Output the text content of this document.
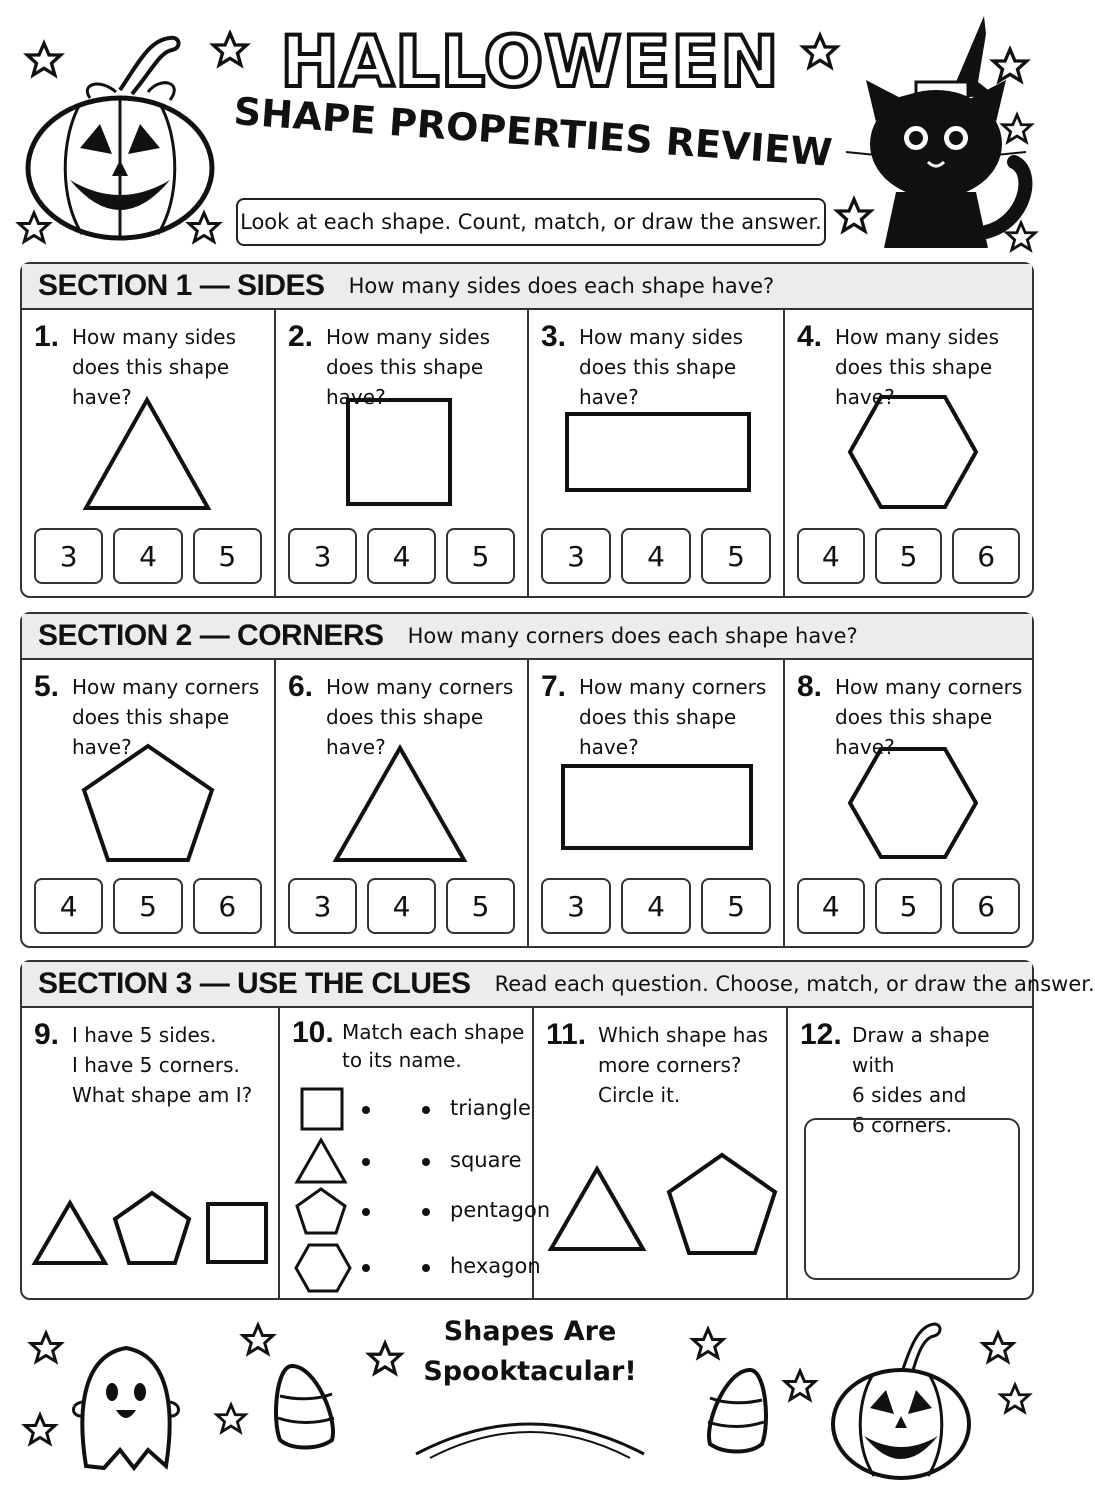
HALLOWEEN
SHAPE PROPERTIES REVIEW
Look at each shape. Count, match, or draw the answer.
SECTION 1 — SIDES How many sides does each shape have?
1. How many sides
does this shape have?
3	4	5
2. How many sides
does this shape have?
3	4	5
3. How many sides
does this shape have?
3	4	5
4. How many sides
does this shape have?
4	5	6
SECTION 2 — CORNERS How many corners does each shape have?
5. How many corners
does this shape have?
4	5	6
6. How many corners
does this shape have?
3	4	5
7. How many corners
does this shape have?
3	4	5
8. How many corners
does this shape have?
4	5	6
SECTION 3 — USE THE CLUES Read each question. Choose, match, or draw the answer.
9. I have 5 sides.
I have 5 corners.
What shape am I?
10. Match each shape
to its name.
triangle
square
pentagon
hexagon
11. Which shape has
more corners?
Circle it.
12. Draw a shape with
6 sides and
6 corners.
Shapes Are Spooktacular!
